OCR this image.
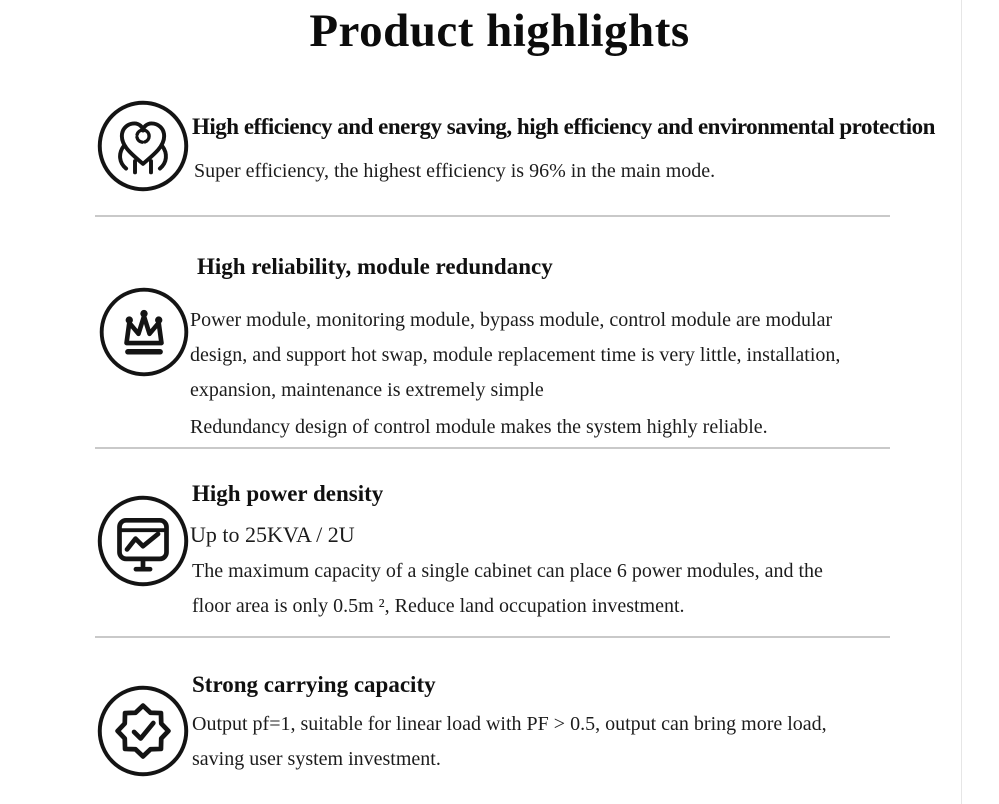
Product highlights
High efficiency and energy saving, high efficiency and environmental protection
Super efficiency, the highest efficiency is 96% in the main mode.
High reliability, module redundancy
Power module, monitoring module, bypass module, control module are modular
design, and support hot swap, module replacement time is very little, installation,
expansion, maintenance is extremely simple
Redundancy design of control module makes the system highly reliable.
High power density
Up to 25KVA / 2U
The maximum capacity of a single cabinet can place 6 power modules, and the
floor area is only 0.5m ², Reduce land occupation investment.
Strong carrying capacity
Output pf=1, suitable for linear load with PF > 0.5, output can bring more load,
saving user system investment.
